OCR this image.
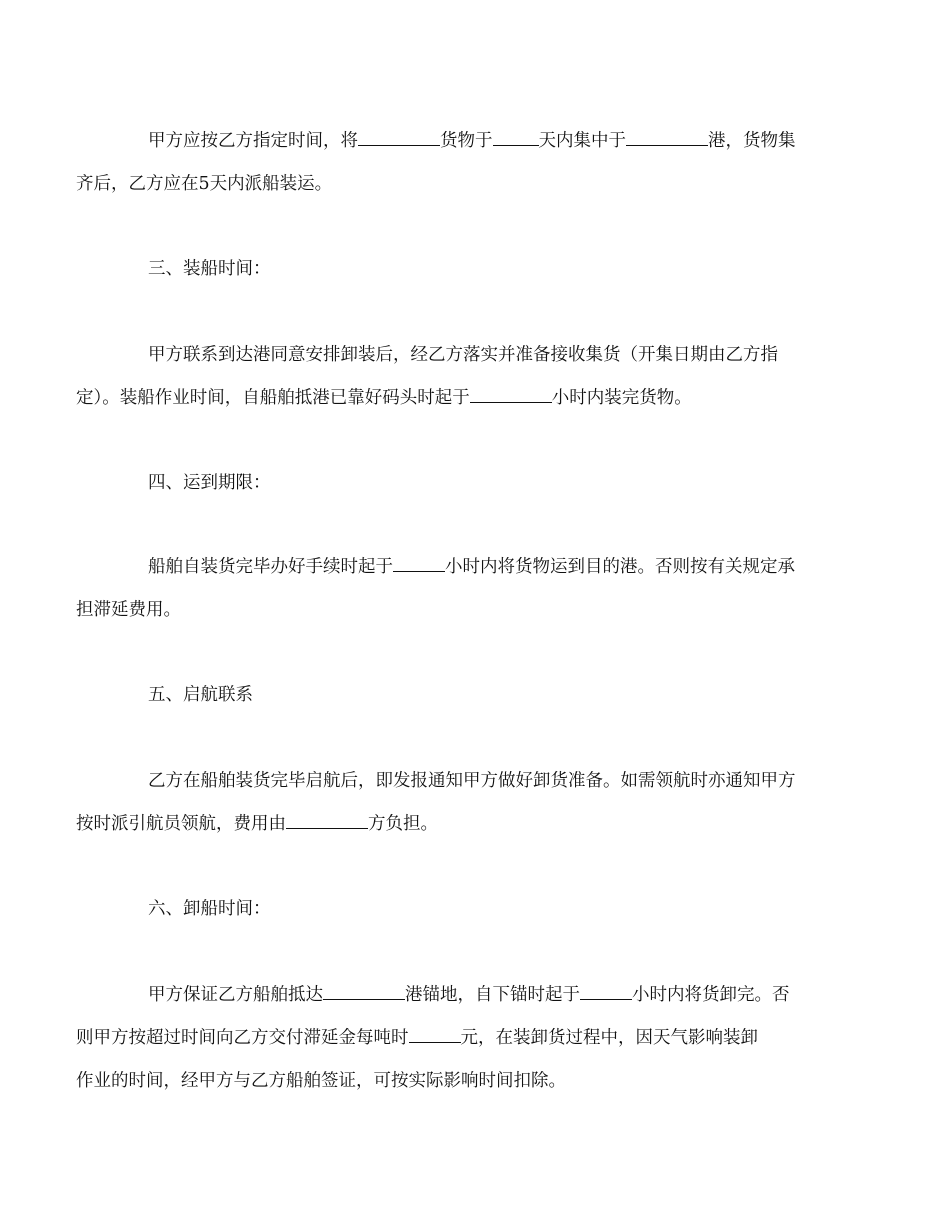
甲方应按乙方指定时间，将	货物于	天内集中于	港，货物集
齐后，乙方应在5天内派船装运。

三、装船时间：

甲方联系到达港同意安排卸装后，经乙方落实并准备接收集货（开集日期由乙方指
定）。装船作业时间，自船舶抵港已靠好码头时起于	小时内装完货物。

四、运到期限：

船舶自装货完毕办好手续时起于	小时内将货物运到目的港。否则按有关规定承
担滞延费用。

五、启航联系

乙方在船舶装货完毕启航后，即发报通知甲方做好卸货准备。如需领航时亦通知甲方
按时派引航员领航，费用由	方负担。

六、卸船时间：

甲方保证乙方船舶抵达	港锚地，自下锚时起于	小时内将货卸完。否
则甲方按超过时间向乙方交付滞延金每吨时	元，在装卸货过程中，因天气影响装卸
作业的时间，经甲方与乙方船舶签证，可按实际影响时间扣除。
